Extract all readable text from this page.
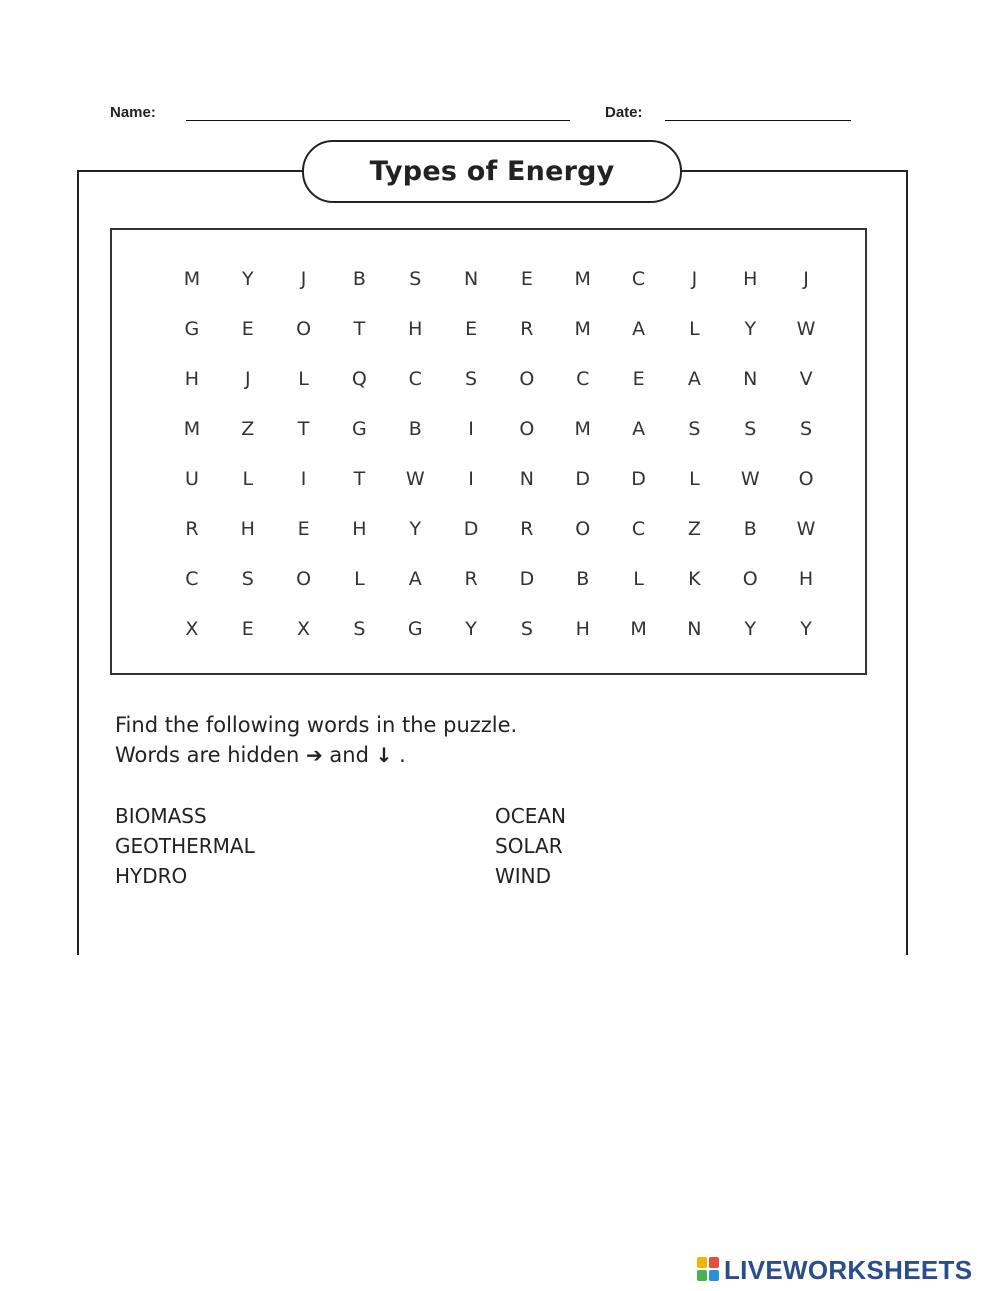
Name:	Date:
Types of Energy
M	Y	J	B	S	N	E	M	C	J	H	J
G	E	O	T	H	E	R	M	A	L	Y	W
H	J	L	Q	C	S	O	C	E	A	N	V
M	Z	T	G	B	I	O	M	A	S	S	S
U	L	I	T	W	I	N	D	D	L	W	O
R	H	E	H	Y	D	R	O	C	Z	B	W
C	S	O	L	A	R	D	B	L	K	O	H
X	E	X	S	G	Y	S	H	M	N	Y	Y
Find the following words in the puzzle.
Words are hidden ➔ and ↓ .
BIOMASS
GEOTHERMAL
HYDRO
OCEAN
SOLAR
WIND
LIVEWORKSHEETS
